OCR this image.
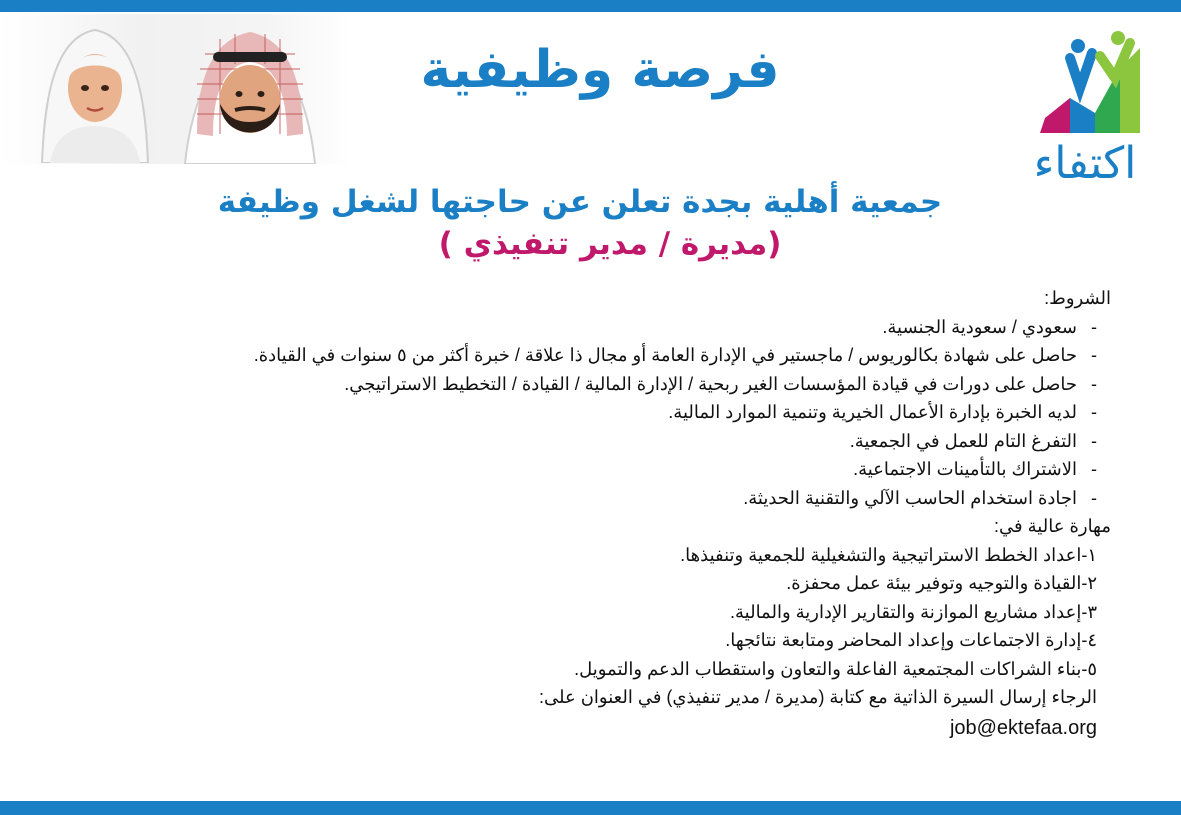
فرصة وظيفية
اكتفاء
جمعية أهلية بجدة تعلن عن حاجتها لشغل وظيفة
(مديرة / مدير تنفيذي )
الشروط:
-سعودي / سعودية الجنسية.
-حاصل على شهادة بكالوريوس / ماجستير في الإدارة العامة أو مجال ذا علاقة / خبرة أكثر من ٥ سنوات في القيادة.
-حاصل على دورات في قيادة المؤسسات الغير ربحية / الإدارة المالية / القيادة / التخطيط الاستراتيجي.
-لديه الخبرة بإدارة الأعمال الخيرية وتنمية الموارد المالية.
-التفرغ التام للعمل في الجمعية.
-الاشتراك بالتأمينات الاجتماعية.
-اجادة استخدام الحاسب الآلي والتقنية الحديثة.
مهارة عالية في:
١-اعداد الخطط الاستراتيجية والتشغيلية للجمعية وتنفيذها.
٢-القيادة والتوجيه وتوفير بيئة عمل محفزة.
٣-إعداد مشاريع الموازنة والتقارير الإدارية والمالية.
٤-إدارة الاجتماعات وإعداد المحاضر ومتابعة نتائجها.
٥-بناء الشراكات المجتمعية الفاعلة والتعاون واستقطاب الدعم والتمويل.
الرجاء إرسال السيرة الذاتية مع كتابة (مديرة / مدير تنفيذي) في العنوان على:
job@ektefaa.org
